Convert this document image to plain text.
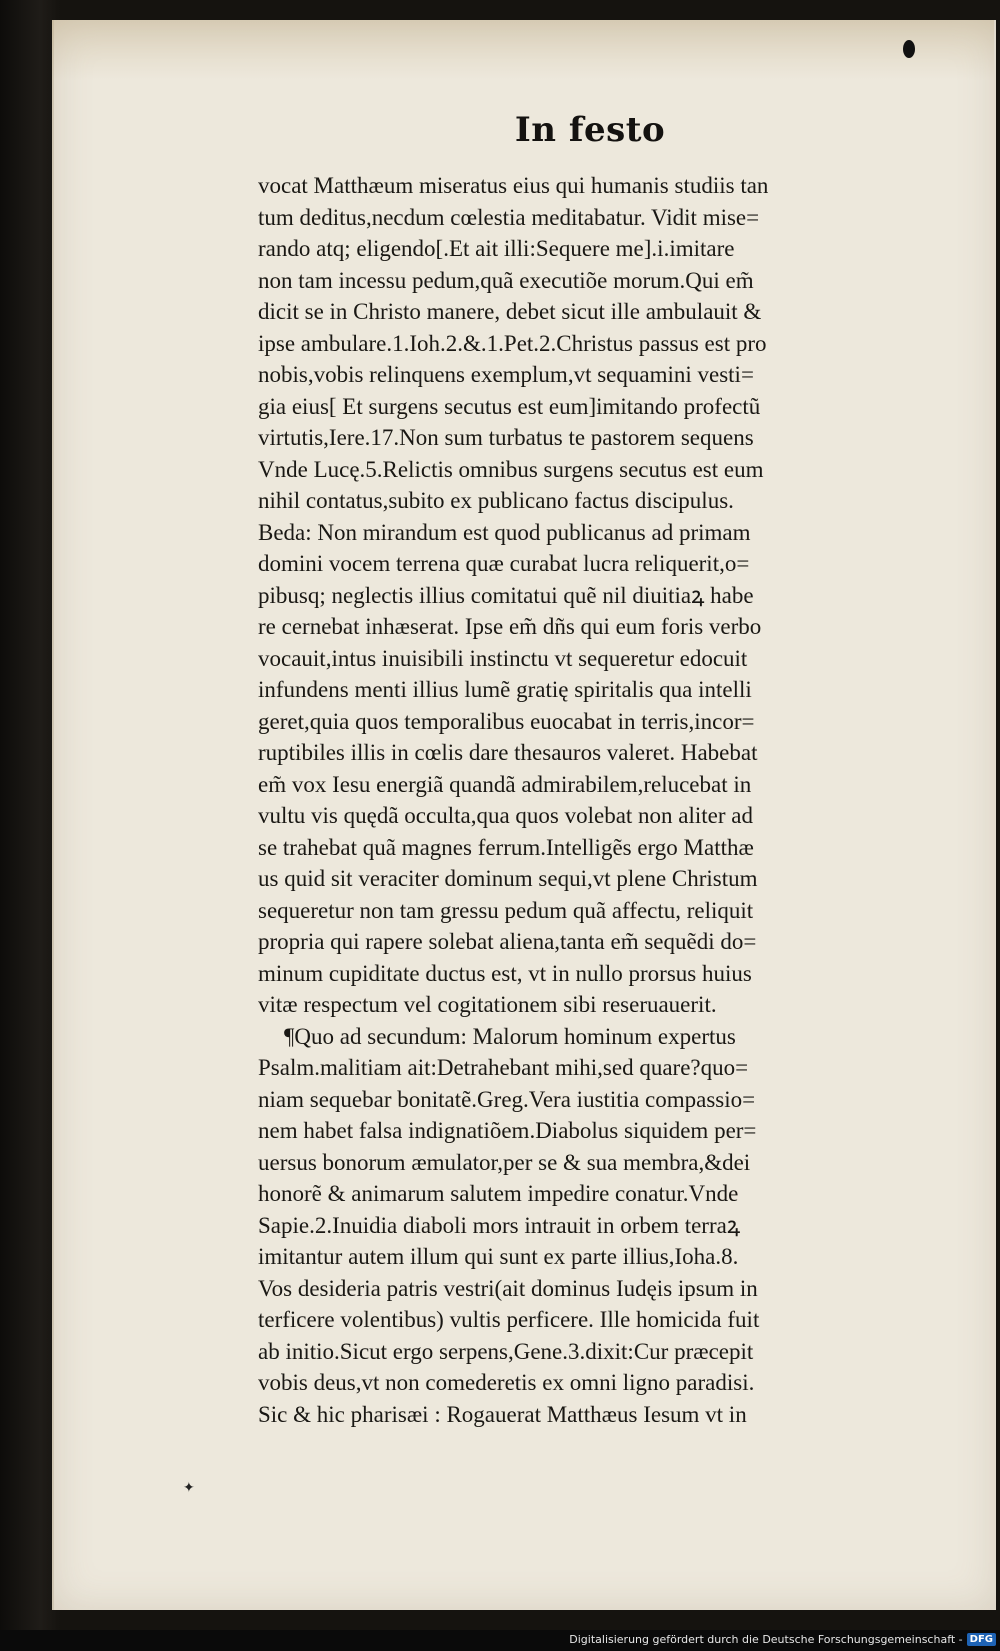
In festo
vocat Matthæum miseratus eius qui humanis studiis tan
tum deditus,necdum cœlestia meditabatur. Vidit mise=
rando atq; eligendo[.Et ait illi:Sequere me].i.imitare
non tam incessu pedum,quã executiõe morum.Qui em̃
dicit se in Christo manere, debet sicut ille ambulauit &
ipse ambulare.1.Ioh.2.&.1.Pet.2.Christus passus est pro
nobis,vobis relinquens exemplum,vt sequamini vesti=
gia eius[ Et surgens secutus est eum]imitando profectũ
virtutis,Iere.17.Non sum turbatus te pastorem sequens
Vnde Lucę.5.Relictis omnibus surgens secutus est eum
nihil contatus,subito ex publicano factus discipulus.
Beda: Non mirandum est quod publicanus ad primam
domini vocem terrena quæ curabat lucra reliquerit,o=
pibusq; neglectis illius comitatui quẽ nil diuitiaꝝ habe
re cernebat inhæserat. Ipse em̃ dñs qui eum foris verbo
vocauit,intus inuisibili instinctu vt sequeretur edocuit
infundens menti illius lumẽ gratię spiritalis qua intelli
geret,quia quos temporalibus euocabat in terris,incor=
ruptibiles illis in cœlis dare thesauros valeret. Habebat
em̃ vox Iesu energiã quandã admirabilem,relucebat in
vultu vis quędã occulta,qua quos volebat non aliter ad
se trahebat quã magnes ferrum.Intelligẽs ergo Matthæ
us quid sit veraciter dominum sequi,vt plene Christum
sequeretur non tam gressu pedum quã affectu, reliquit
propria qui rapere solebat aliena,tanta em̃ sequẽdi do=
minum cupiditate ductus est, vt in nullo prorsus huius
vitæ respectum vel cogitationem sibi reseruauerit.
¶Quo ad secundum: Malorum hominum expertus
Psalm.malitiam ait:Detrahebant mihi,sed quare?quo=
niam sequebar bonitatẽ.Greg.Vera iustitia compassio=
nem habet falsa indignatiõem.Diabolus siquidem per=
uersus bonorum æmulator,per se & sua membra,&dei
honorẽ & animarum salutem impedire conatur.Vnde
Sapie.2.Inuidia diaboli mors intrauit in orbem terraꝝ
imitantur autem illum qui sunt ex parte illius,Ioha.8.
Vos desideria patris vestri(ait dominus Iudęis ipsum in
terficere volentibus) vultis perficere. Ille homicida fuit
ab initio.Sicut ergo serpens,Gene.3.dixit:Cur præcepit
vobis deus,vt non comederetis ex omni ligno paradisi.
Sic & hic pharisæi : Rogauerat Matthæus Iesum vt in
✦
Digitalisierung gefördert durch die Deutsche Forschungsgemeinschaft - DFG
